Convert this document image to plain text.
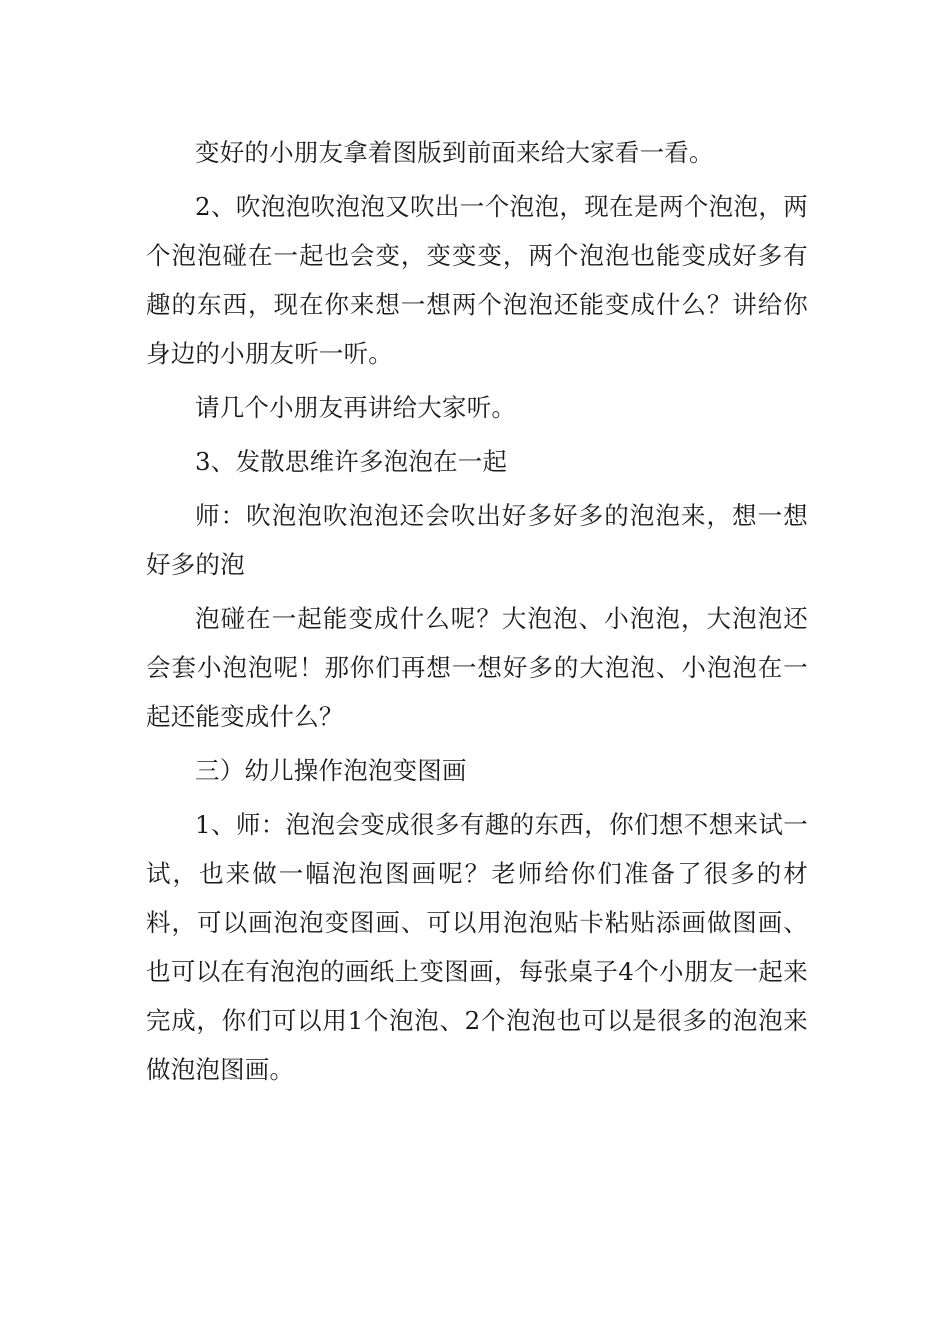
变好的小朋友拿着图版到前面来给大家看一看。

2、吹泡泡吹泡泡又吹出一个泡泡，现在是两个泡泡，两个泡泡碰在一起也会变，变变变，两个泡泡也能变成好多有趣的东西，现在你来想一想两个泡泡还能变成什么？讲给你身边的小朋友听一听。

请几个小朋友再讲给大家听。

3、发散思维许多泡泡在一起

师：吹泡泡吹泡泡还会吹出好多好多的泡泡来，想一想好多的泡

泡碰在一起能变成什么呢？大泡泡、小泡泡，大泡泡还会套小泡泡呢！那你们再想一想好多的大泡泡、小泡泡在一起还能变成什么？

三）幼儿操作泡泡变图画

1、师：泡泡会变成很多有趣的东西，你们想不想来试一试，也来做一幅泡泡图画呢？老师给你们准备了很多的材料，可以画泡泡变图画、可以用泡泡贴卡粘贴添画做图画、也可以在有泡泡的画纸上变图画，每张桌子4个小朋友一起来完成，你们可以用1个泡泡、2个泡泡也可以是很多的泡泡来做泡泡图画。
